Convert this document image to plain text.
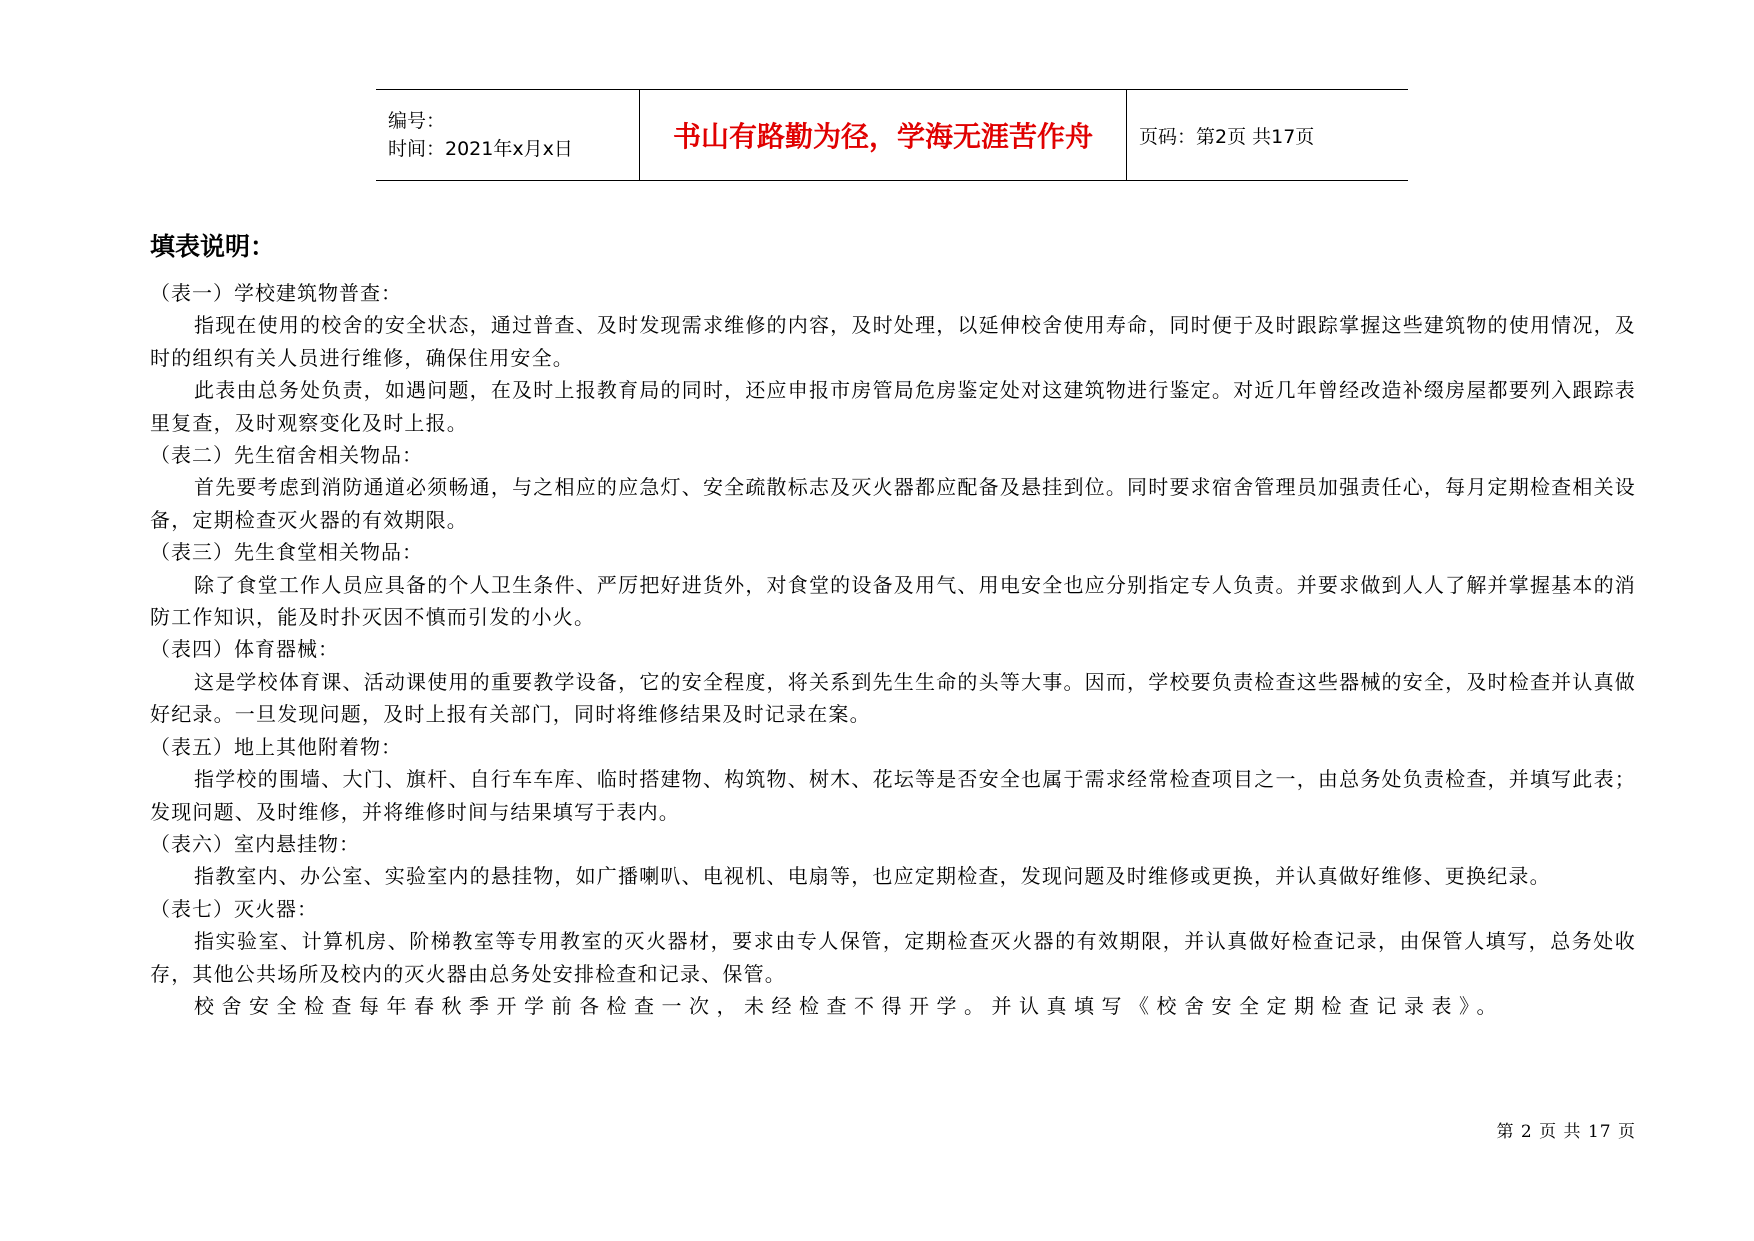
编号：
时间：2021年x月x日	书山有路勤为径，学海无涯苦作舟 页码：第2页 共17页
填表说明：

（表一）学校建筑物普查：

指现在使用的校舍的安全状态，通过普查、及时发现需求维修的内容，及时处理，以延伸校舍使用寿命，同时便于及时跟踪掌握这些建筑物的使用情况，及时的组织有关人员进行维修，确保住用安全。

此表由总务处负责，如遇问题，在及时上报教育局的同时，还应申报市房管局危房鉴定处对这建筑物进行鉴定。对近几年曾经改造补缀房屋都要列入跟踪表里复查，及时观察变化及时上报。

（表二）先生宿舍相关物品：

首先要考虑到消防通道必须畅通，与之相应的应急灯、安全疏散标志及灭火器都应配备及悬挂到位。同时要求宿舍管理员加强责任心，每月定期检查相关设备，定期检查灭火器的有效期限。

（表三）先生食堂相关物品：

除了食堂工作人员应具备的个人卫生条件、严厉把好进货外，对食堂的设备及用气、用电安全也应分别指定专人负责。并要求做到人人了解并掌握基本的消防工作知识，能及时扑灭因不慎而引发的小火。

（表四）体育器械：

这是学校体育课、活动课使用的重要教学设备，它的安全程度，将关系到先生生命的头等大事。因而，学校要负责检查这些器械的安全，及时检查并认真做好纪录。一旦发现问题，及时上报有关部门，同时将维修结果及时记录在案。

（表五）地上其他附着物：

指学校的围墙、大门、旗杆、自行车车库、临时搭建物、构筑物、树木、花坛等是否安全也属于需求经常检查项目之一，由总务处负责检查，并填写此表；发现问题、及时维修，并将维修时间与结果填写于表内。

（表六）室内悬挂物：

指教室内、办公室、实验室内的悬挂物，如广播喇叭、电视机、电扇等，也应定期检查，发现问题及时维修或更换，并认真做好维修、更换纪录。

（表七）灭火器：

指实验室、计算机房、阶梯教室等专用教室的灭火器材，要求由专人保管，定期检查灭火器的有效期限，并认真做好检查记录，由保管人填写，总务处收存，其他公共场所及校内的灭火器由总务处安排检查和记录、保管。

校舍安全检查每年春秋季开学前各检查一次，未经检查不得开学。并认真填写《校舍安全定期检查记录表》。

第 2 页 共 17 页
